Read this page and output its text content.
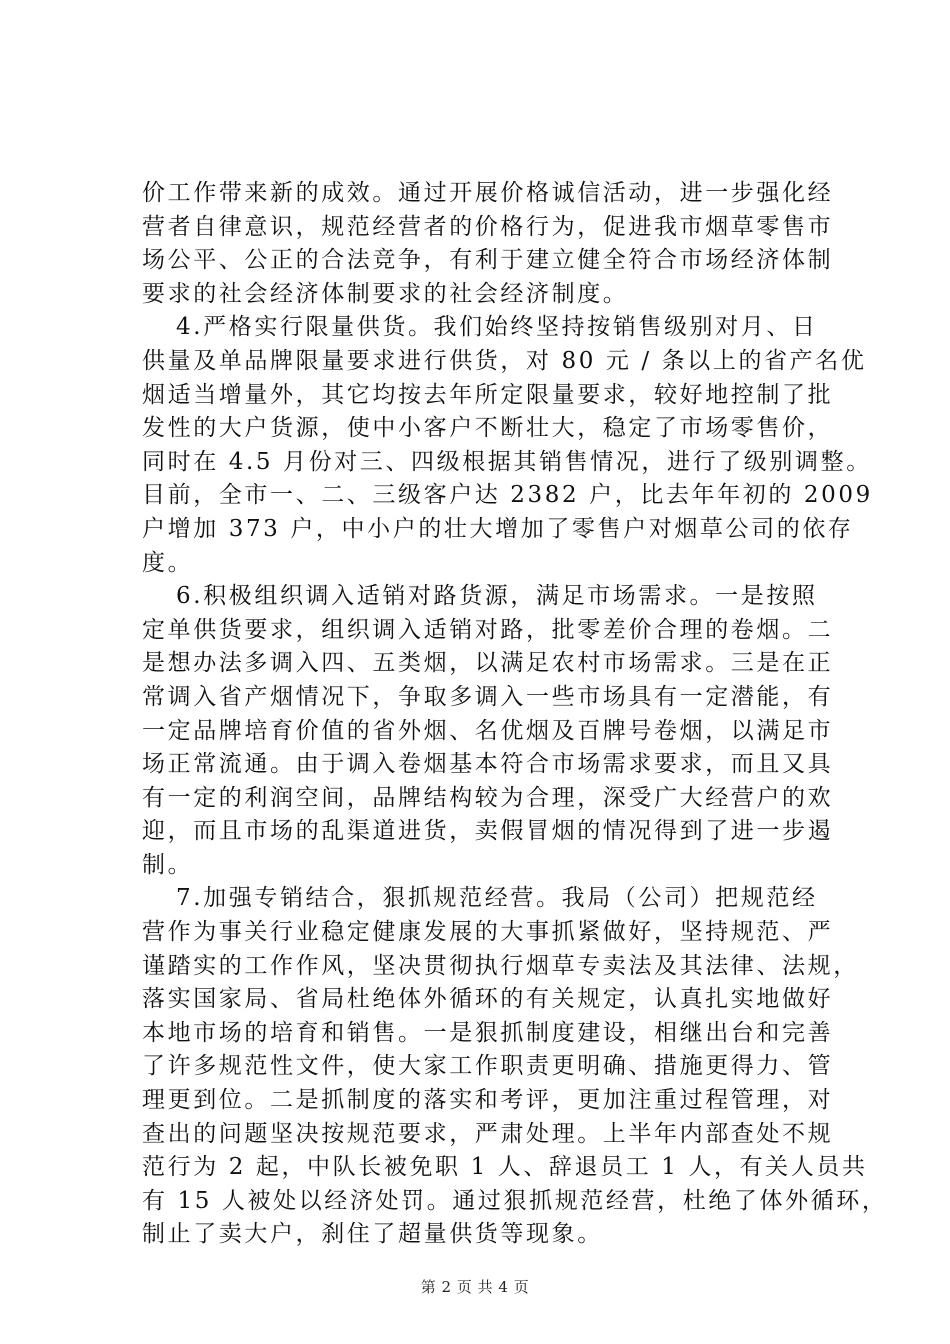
价工作带来新的成效。通过开展价格诚信活动，进一步强化经
营者自律意识，规范经营者的价格行为，促进我市烟草零售市
场公平、公正的合法竞争，有利于建立健全符合市场经济体制
要求的社会经济体制要求的社会经济制度。
4.严格实行限量供货。我们始终坚持按销售级别对月、日
供量及单品牌限量要求进行供货，对 80 元 / 条以上的省产名优
烟适当增量外，其它均按去年所定限量要求，较好地控制了批
发性的大户货源，使中小客户不断壮大，稳定了市场零售价，
同时在 4.5 月份对三、四级根据其销售情况，进行了级别调整。
目前，全市一、二、三级客户达 2382 户，比去年年初的 2009
户增加 373 户，中小户的壮大增加了零售户对烟草公司的依存
度。
6.积极组织调入适销对路货源，满足市场需求。一是按照
定单供货要求，组织调入适销对路，批零差价合理的卷烟。二
是想办法多调入四、五类烟，以满足农村市场需求。三是在正
常调入省产烟情况下，争取多调入一些市场具有一定潜能，有
一定品牌培育价值的省外烟、名优烟及百牌号卷烟，以满足市
场正常流通。由于调入卷烟基本符合市场需求要求，而且又具
有一定的利润空间，品牌结构较为合理，深受广大经营户的欢
迎，而且市场的乱渠道进货，卖假冒烟的情况得到了进一步遏
制。
7.加强专销结合，狠抓规范经营。我局（公司）把规范经
营作为事关行业稳定健康发展的大事抓紧做好，坚持规范、严
谨踏实的工作作风，坚决贯彻执行烟草专卖法及其法律、法规，
落实国家局、省局杜绝体外循环的有关规定，认真扎实地做好
本地市场的培育和销售。一是狠抓制度建设，相继出台和完善
了许多规范性文件，使大家工作职责更明确、措施更得力、管
理更到位。二是抓制度的落实和考评，更加注重过程管理，对
查出的问题坚决按规范要求，严肃处理。上半年内部查处不规
范行为 2 起，中队长被免职 1 人、辞退员工 1 人，有关人员共
有 15 人被处以经济处罚。通过狠抓规范经营，杜绝了体外循环，
制止了卖大户，刹住了超量供货等现象。
第 2 页 共 4 页
